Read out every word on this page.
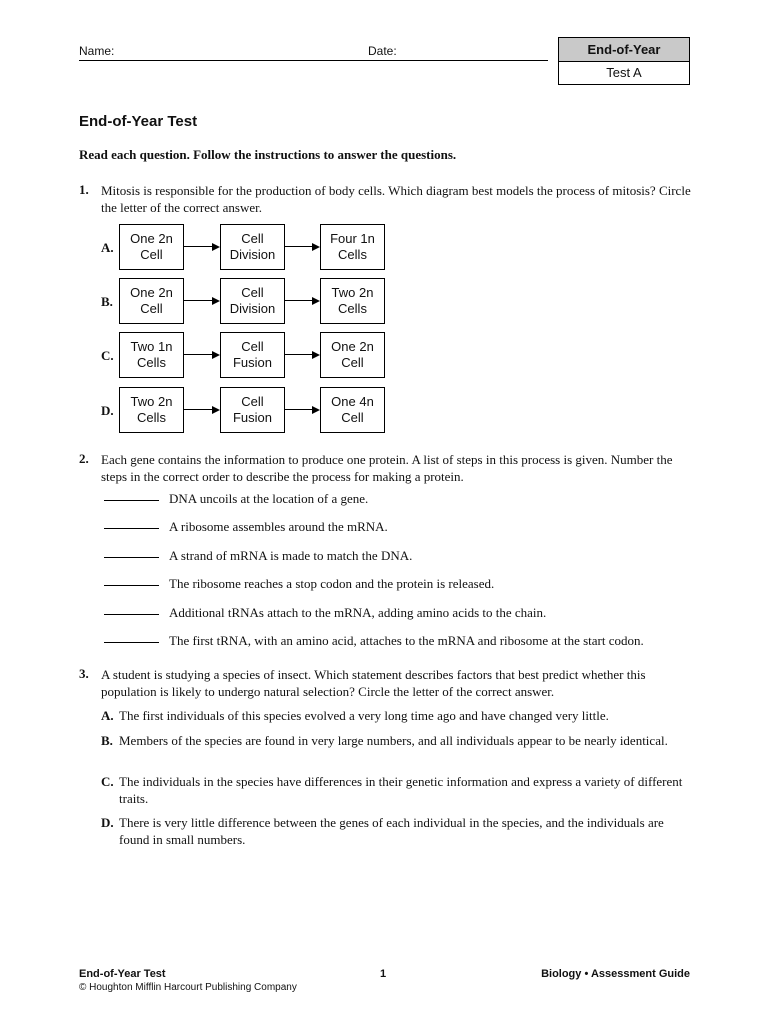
Name:	Date:	End-of-Year
Test A
End-of-Year Test
Read each question. Follow the instructions to answer the questions.
1. Mitosis is responsible for the production of body cells. Which diagram best models the process of mitosis? Circle the letter of the correct answer.
A.
One 2n
Cell
Cell
Division
Four 1n
Cells
B.
One 2n
Cell
Cell
Division
Two 2n
Cells
C.
Two 1n
Cells
Cell
Fusion
One 2n
Cell
D.
Two 2n
Cells
Cell
Fusion
One 4n
Cell
2. Each gene contains the information to produce one protein. A list of steps in this process is given. Number the steps in the correct order to describe the process for making a protein.
DNA uncoils at the location of a gene.
A ribosome assembles around the mRNA.
A strand of mRNA is made to match the DNA.
The ribosome reaches a stop codon and the protein is released.
Additional tRNAs attach to the mRNA, adding amino acids to the chain.
The first tRNA, with an amino acid, attaches to the mRNA and ribosome at the start codon.
3. A student is studying a species of insect. Which statement describes factors that best predict whether this population is likely to undergo natural selection? Circle the letter of the correct answer.
A. The first individuals of this species evolved a very long time ago and have changed very little.
B. Members of the species are found in very large numbers, and all individuals appear to be nearly identical.
C. The individuals in the species have differences in their genetic information and express a variety of different traits.
D. There is very little difference between the genes of each individual in the species, and the individuals are found in small numbers.
End-of-Year Test
© Houghton Mifflin Harcourt Publishing Company
1	Biology • Assessment Guide
